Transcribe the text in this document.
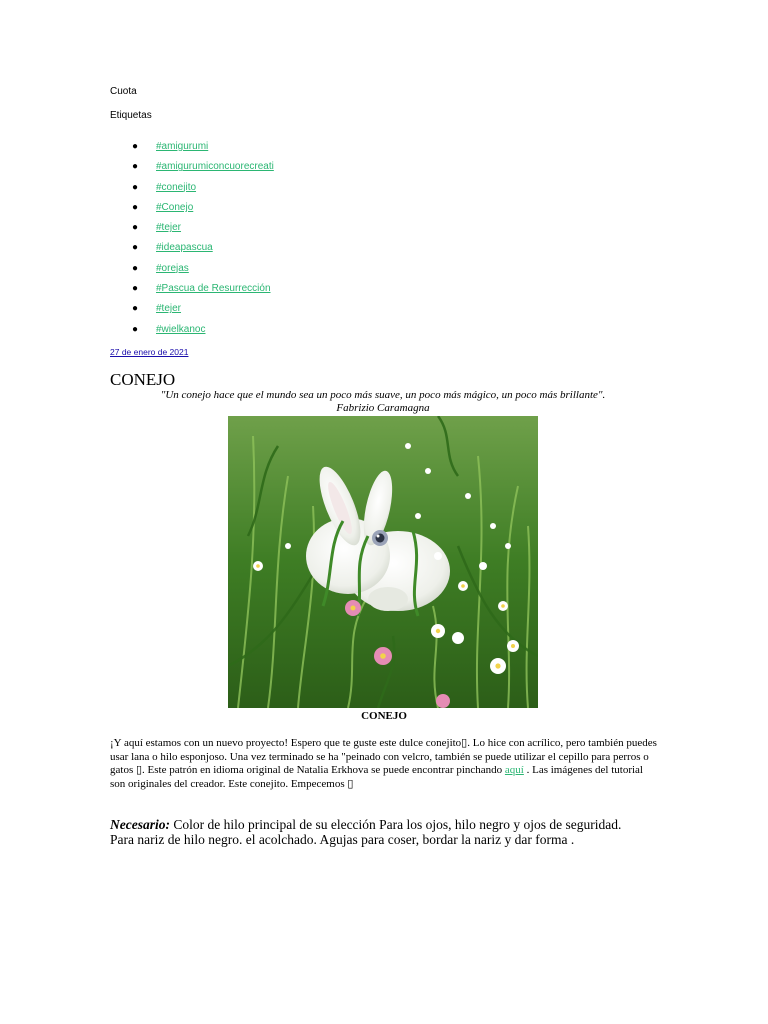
Cuota
Etiquetas
● #amigurumi
● #amigurumiconcuorecreati
● #conejito
● #Conejo
● #tejer
● #ideapascua
● #orejas
● #Pascua de Resurrección
● #tejer
● #wielkanoc
27 de enero de 2021
CONEJO
"Un conejo hace que el mundo sea un poco más suave, un poco más mágico, un poco más brillante".
Fabrizio Caramagna
CONEJO

¡Y aquí estamos con un nuevo proyecto! Espero que te guste este dulce conejito▯. Lo hice con acrílico, pero también puedes usar lana o hilo esponjoso. Una vez terminado se ha "peinado con velcro, también se puede utilizar el cepillo para perros o gatos ▯. Este patrón en idioma original de Natalia Erkhova se puede encontrar pinchando aquí . Las imágenes del tutorial son originales del creador. Este conejito. Empecemos ▯

Necesario: Color de hilo principal de su elección Para los ojos, hilo negro y ojos de seguridad. Para nariz de hilo negro. el acolchado. Agujas para coser, bordar la nariz y dar forma .
